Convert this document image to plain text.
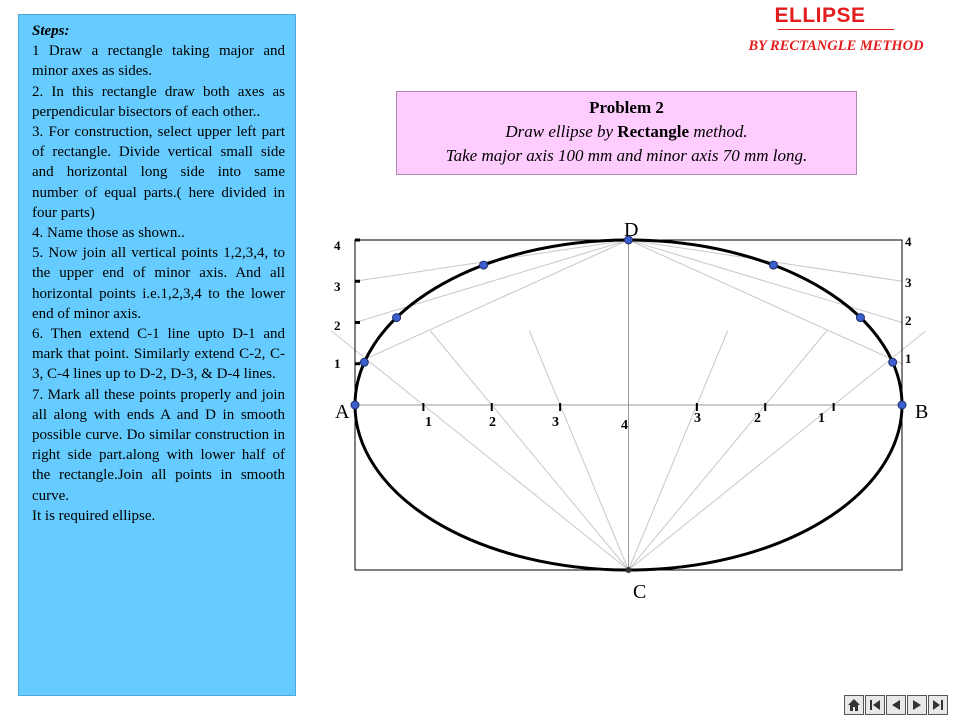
Steps:
1 Draw a rectangle taking major and minor axes as sides.
2. In this rectangle draw both axes as perpendicular bisectors of each other..
3. For construction, select upper left part of rectangle. Divide vertical small side and horizontal long side into same number of equal parts.( here divided in four parts)
4. Name those as shown..
5. Now join all vertical points 1,2,3,4, to the upper end of minor axis. And all horizontal points i.e.1,2,3,4 to the lower end of minor axis.
6. Then extend C-1 line upto D-1 and mark that point. Similarly extend C-2, C-3, C-4 lines up to D-2, D-3, & D-4 lines.
7. Mark all these points properly and join all along with ends A and D in smooth possible curve. Do similar construction in right side part.along with lower half of the rectangle.Join all points in smooth curve.
It is required ellipse.
ELLIPSE
BY RECTANGLE METHOD
Problem 2
Draw ellipse by Rectangle method.
Take major axis 100 mm and minor axis 70 mm long.
A	B
C
D
1
2
3
4
1
2
3
4
1	2	3	4	3	2	1
